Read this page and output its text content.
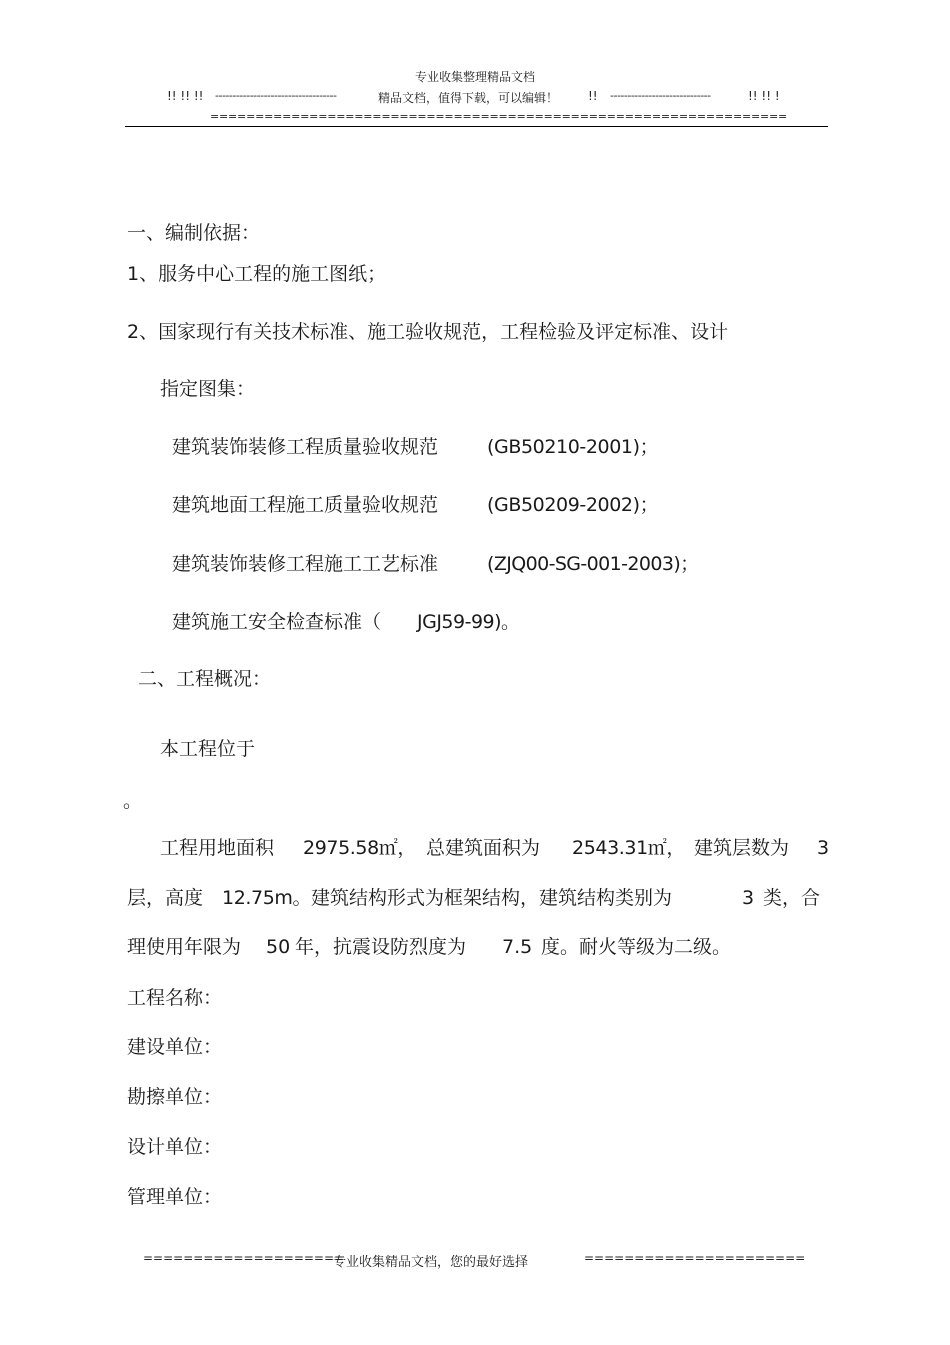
专业收集整理精品文档
!! !! !! -----------------------------------	精品文档，值得下载，可以编辑！ !! -----------------------------	!! !! !
================================================================
一、编制依据：
1、服务中心工程的施工图纸；
2、国家现行有关技术标准、施工验收规范，工程检验及评定标准、设计
指定图集：
建筑装饰装修工程质量验收规范	(GB50210-2001)；
建筑地面工程施工质量验收规范	(GB50209-2002)；
建筑装饰装修工程施工工艺标准	(ZJQ00-SG-001-2003)；
建筑施工安全检查标准（ JGJ59-99)。
二、工程概况：
本工程位于
。
工程用地面积 2975.58㎡， 总建筑面积为 2543.31㎡， 建筑层数为 3
层，高度 12.75m。 建筑结构形式为框架结构，建筑结构类别为	3 类，合
理使用年限为 50 年，抗震设防烈度为 7.5 度。耐火等级为二级。
工程名称：
建设单位：
勘擦单位：
设计单位：
管理单位：
====================
专业收集精品文档，您的最好选择	======================
